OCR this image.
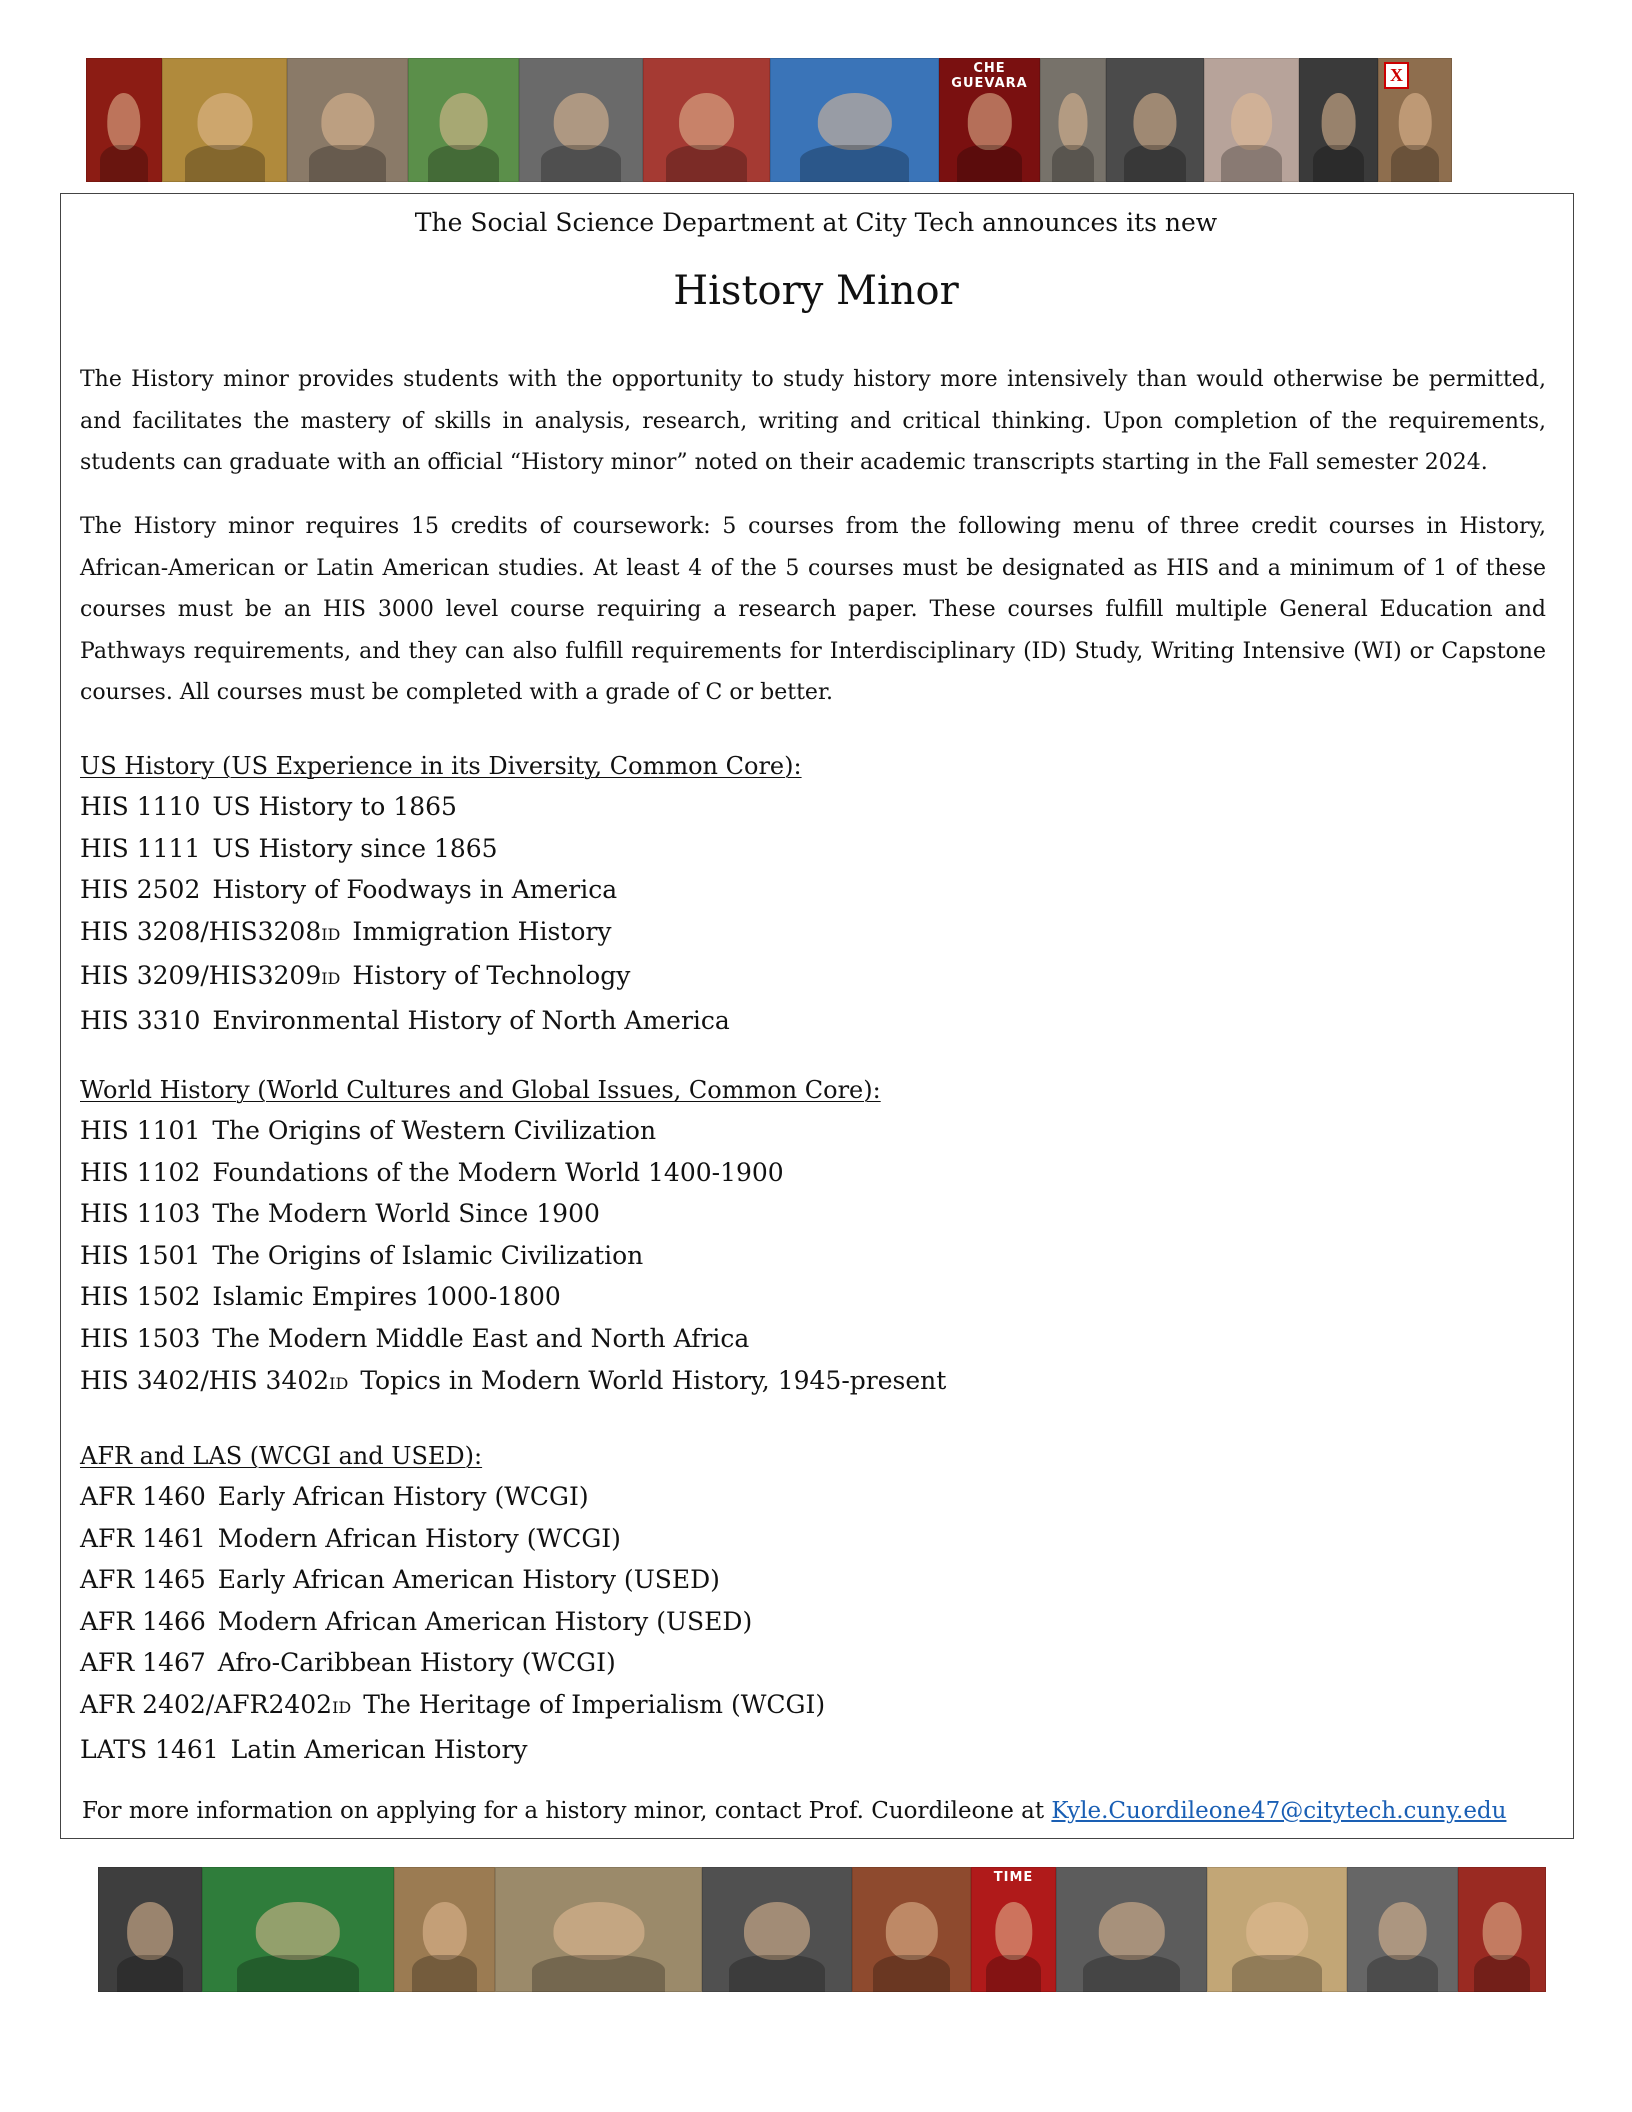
CHE GUEVARA	X
The Social Science Department at City Tech announces its new
History Minor

The History minor provides students with the opportunity to study history more intensively than would otherwise be permitted, and facilitates the mastery of skills in analysis, research, writing and critical thinking. Upon completion of the requirements, students can graduate with an official “History minor” noted on their academic transcripts starting in the Fall semester 2024.

The History minor requires 15 credits of coursework: 5 courses from the following menu of three credit courses in History, African-American or Latin American studies. At least 4 of the 5 courses must be designated as HIS and a minimum of 1 of these courses must be an HIS 3000 level course requiring a research paper. These courses fulfill multiple General Education and Pathways requirements, and they can also fulfill requirements for Interdisciplinary (ID) Study, Writing Intensive (WI) or Capstone courses. All courses must be completed with a grade of C or better.

US History (US Experience in its Diversity, Common Core):
HIS 1110 US History to 1865
HIS 1111 US History since 1865
HIS 2502 History of Foodways in America
HIS 3208/HIS3208ID Immigration History
HIS 3209/HIS3209ID History of Technology
HIS 3310 Environmental History of North America
World History (World Cultures and Global Issues, Common Core):
HIS 1101 The Origins of Western Civilization
HIS 1102 Foundations of the Modern World 1400-1900
HIS 1103 The Modern World Since 1900
HIS 1501 The Origins of Islamic Civilization
HIS 1502 Islamic Empires 1000-1800
HIS 1503 The Modern Middle East and North Africa
HIS 3402/HIS 3402ID Topics in Modern World History, 1945-present
AFR and LAS (WCGI and USED):
AFR 1460 Early African History (WCGI)
AFR 1461 Modern African History (WCGI)
AFR 1465 Early African American History (USED)
AFR 1466 Modern African American History (USED)
AFR 1467 Afro-Caribbean History (WCGI)
AFR 2402/AFR2402ID The Heritage of Imperialism (WCGI)
LATS 1461 Latin American History
For more information on applying for a history minor, contact Prof. Cuordileone at Kyle.Cuordileone47@citytech.cuny.edu
TIME
